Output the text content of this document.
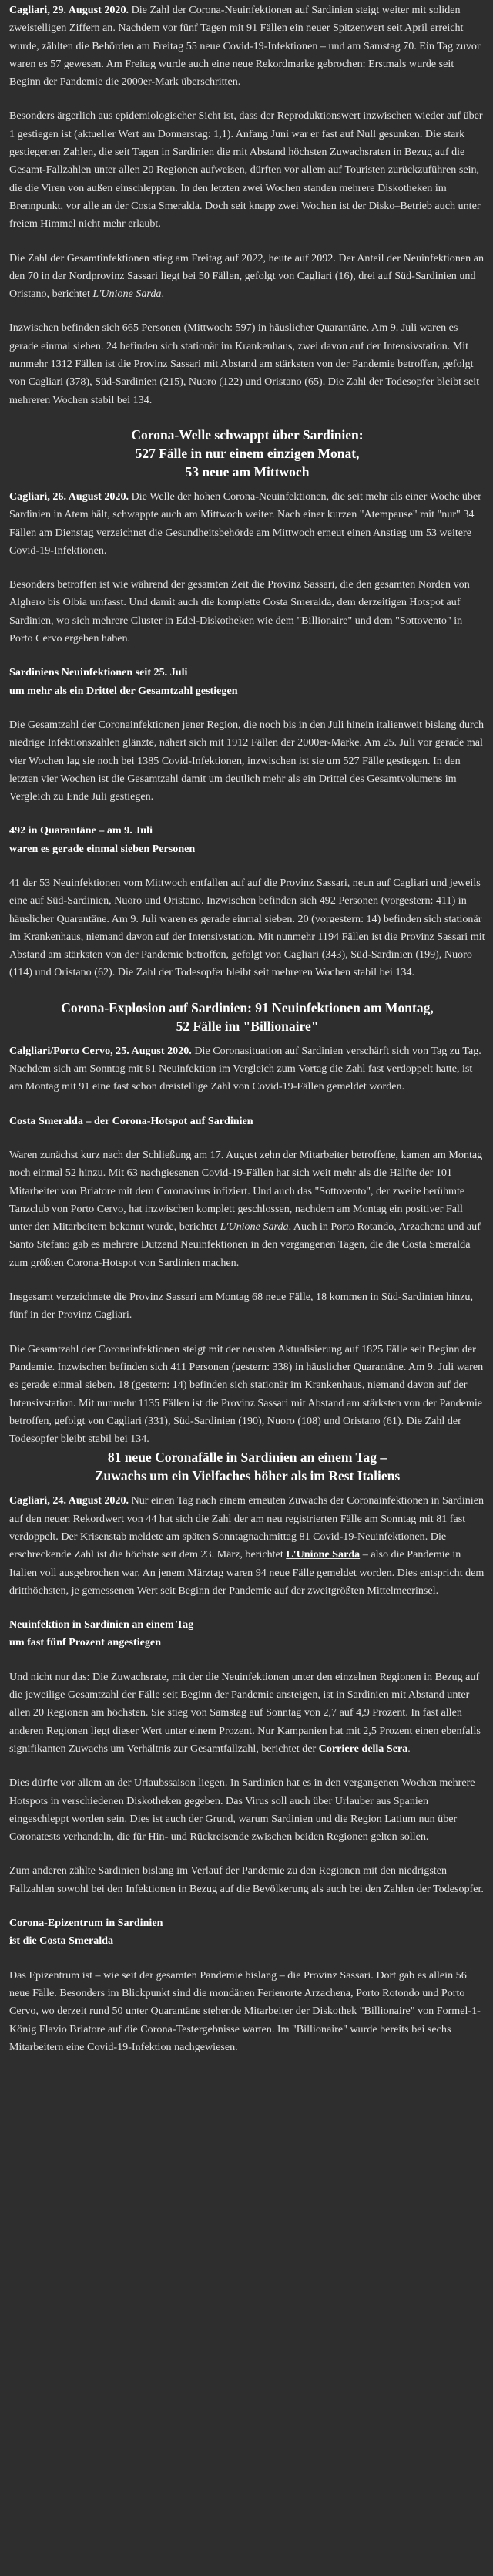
Cagliari, 29. August 2020. Die Zahl der Corona-Neuinfektionen auf Sardinien steigt weiter mit soliden zweistelligen Ziffern an. Nachdem vor fünf Tagen mit 91 Fällen ein neuer Spitzenwert seit April erreicht wurde, zählten die Behörden am Freitag 55 neue Covid-19-Infektionen – und am Samstag 70. Ein Tag zuvor waren es 57 gewesen. Am Freitag wurde auch eine neue Rekordmarke gebrochen: Erstmals wurde seit Beginn der Pandemie die 2000er-Mark überschritten.

Besonders ärgerlich aus epidemiologischer Sicht ist, dass der Reproduktionswert inzwischen wieder auf über 1 gestiegen ist (aktueller Wert am Donnerstag: 1,1). Anfang Juni war er fast auf Null gesunken. Die stark gestiegenen Zahlen, die seit Tagen in Sardinien die mit Abstand höchsten Zuwachsraten in Bezug auf die Gesamt-Fallzahlen unter allen 20 Regionen aufweisen, dürften vor allem auf Touristen zurückzuführen sein, die die Viren von außen einschleppten. In den letzten zwei Wochen standen mehrere Diskotheken im Brennpunkt, vor alle an der Costa Smeralda. Doch seit knapp zwei Wochen ist der Disko–Betrieb auch unter freiem Himmel nicht mehr erlaubt.

Die Zahl der Gesamtinfektionen stieg am Freitag auf 2022, heute auf 2092. Der Anteil der Neuinfektionen an den 70 in der Nordprovinz Sassari liegt bei 50 Fällen, gefolgt von Cagliari (16), drei auf Süd-Sardinien und Oristano, berichtet L'Unione Sarda.

Inzwischen befinden sich 665 Personen (Mittwoch: 597) in häuslicher Quarantäne. Am 9. Juli waren es gerade einmal sieben. 24 befinden sich stationär im Krankenhaus, zwei davon auf der Intensivstation. Mit nunmehr 1312 Fällen ist die Provinz Sassari mit Abstand am stärksten von der Pandemie betroffen, gefolgt von Cagliari (378), Süd-Sardinien (215), Nuoro (122) und Oristano (65). Die Zahl der Todesopfer bleibt seit mehreren Wochen stabil bei 134.

Corona-Welle schwappt über Sardinien:
527 Fälle in nur einem einzigen Monat,
53 neue am Mittwoch

Cagliari, 26. August 2020. Die Welle der hohen Corona-Neuinfektionen, die seit mehr als einer Woche über Sardinien in Atem hält, schwappte auch am Mittwoch weiter. Nach einer kurzen "Atempause" mit "nur" 34 Fällen am Dienstag verzeichnet die Gesundheitsbehörde am Mittwoch erneut einen Anstieg um 53 weitere Covid-19-Infektionen.

Besonders betroffen ist wie während der gesamten Zeit die Provinz Sassari, die den gesamten Norden von Alghero bis Olbia umfasst. Und damit auch die komplette Costa Smeralda, dem derzeitigen Hotspot auf Sardinien, wo sich mehrere Cluster in Edel-Diskotheken wie dem "Billionaire" und dem "Sottovento" in Porto Cervo ergeben haben.

Sardiniens Neuinfektionen seit 25. Juli
um mehr als ein Drittel der Gesamtzahl gestiegen

Die Gesamtzahl der Coronainfektionen jener Region, die noch bis in den Juli hinein italienweit bislang durch niedrige Infektionszahlen glänzte, nähert sich mit 1912 Fällen der 2000er-Marke. Am 25. Juli vor gerade mal vier Wochen lag sie noch bei 1385 Covid-Infektionen, inzwischen ist sie um 527 Fälle gestiegen. In den letzten vier Wochen ist die Gesamtzahl damit um deutlich mehr als ein Drittel des Gesamtvolumens im Vergleich zu Ende Juli gestiegen.

492 in Quarantäne – am 9. Juli
waren es gerade einmal sieben Personen

41 der 53 Neuinfektionen vom Mittwoch entfallen auf auf die Provinz Sassari, neun auf Cagliari und jeweils eine auf Süd-Sardinien, Nuoro und Oristano. Inzwischen befinden sich 492 Personen (vorgestern: 411) in häuslicher Quarantäne. Am 9. Juli waren es gerade einmal sieben. 20 (vorgestern: 14) befinden sich stationär im Krankenhaus, niemand davon auf der Intensivstation. Mit nunmehr 1194 Fällen ist die Provinz Sassari mit Abstand am stärksten von der Pandemie betroffen, gefolgt von Cagliari (343), Süd-Sardinien (199), Nuoro (114) und Oristano (62). Die Zahl der Todesopfer bleibt seit mehreren Wochen stabil bei 134.

Corona-Explosion auf Sardinien: 91 Neuinfektionen am Montag,
52 Fälle im "Billionaire"

Calgliari/Porto Cervo, 25. August 2020. Die Coronasituation auf Sardinien verschärft sich von Tag zu Tag. Nachdem sich am Sonntag mit 81 Neuinfektion im Vergleich zum Vortag die Zahl fast verdoppelt hatte, ist am Montag mit 91 eine fast schon dreistellige Zahl von Covid-19-Fällen gemeldet worden.

Costa Smeralda – der Corona-Hotspot auf Sardinien

Waren zunächst kurz nach der Schließung am 17. August zehn der Mitarbeiter betroffene, kamen am Montag noch einmal 52 hinzu. Mit 63 nachgiesenen Covid-19-Fällen hat sich weit mehr als die Hälfte der 101 Mitarbeiter von Briatore mit dem Coronavirus infiziert. Und auch das "Sottovento", der zweite berühmte Tanzclub von Porto Cervo, hat inzwischen komplett geschlossen, nachdem am Montag ein positiver Fall unter den Mitarbeitern bekannt wurde, berichtet L'Unione Sarda. Auch in Porto Rotando, Arzachena und auf Santo Stefano gab es mehrere Dutzend Neuinfektionen in den vergangenen Tagen, die die Costa Smeralda zum größten Corona-Hotspot von Sardinien machen.

Insgesamt verzeichnete die Provinz Sassari am Montag 68 neue Fälle, 18 kommen in Süd-Sardinien hinzu, fünf in der Provinz Cagliari.

Die Gesamtzahl der Coronainfektionen steigt mit der neusten Aktualisierung auf 1825 Fälle seit Beginn der Pandemie. Inzwischen befinden sich 411 Personen (gestern: 338) in häuslicher Quarantäne. Am 9. Juli waren es gerade einmal sieben. 18 (gestern: 14) befinden sich stationär im Krankenhaus, niemand davon auf der Intensivstation. Mit nunmehr 1135 Fällen ist die Provinz Sassari mit Abstand am stärksten von der Pandemie betroffen, gefolgt von Cagliari (331), Süd-Sardinien (190), Nuoro (108) und Oristano (61). Die Zahl der Todesopfer bleibt stabil bei 134.

81 neue Coronafälle in Sardinien an einem Tag –
Zuwachs um ein Vielfaches höher als im Rest Italiens

Cagliari, 24. August 2020. Nur einen Tag nach einem erneuten Zuwachs der Coronainfektionen in Sardinien auf den neuen Rekordwert von 44 hat sich die Zahl der am neu registrierten Fälle am Sonntag mit 81 fast verdoppelt. Der Krisenstab meldete am späten Sonntagnachmittag 81 Covid-19-Neuinfektionen. Die erschreckende Zahl ist die höchste seit dem 23. März, berichtet L'Unione Sarda – also die Pandemie in Italien voll ausgebrochen war. An jenem Märztag waren 94 neue Fälle gemeldet worden. Dies entspricht dem dritthöchsten, je gemessenen Wert seit Beginn der Pandemie auf der zweitgrößten Mittelmeerinsel.

Neuinfektion in Sardinien an einem Tag
um fast fünf Prozent angestiegen

Und nicht nur das: Die Zuwachsrate, mit der die Neuinfektionen unter den einzelnen Regionen in Bezug auf die jeweilige Gesamtzahl der Fälle seit Beginn der Pandemie ansteigen, ist in Sardinien mit Abstand unter allen 20 Regionen am höchsten. Sie stieg von Samstag auf Sonntag von 2,7 auf 4,9 Prozent. In fast allen anderen Regionen liegt dieser Wert unter einem Prozent. Nur Kampanien hat mit 2,5 Prozent einen ebenfalls signifikanten Zuwachs um Verhältnis zur Gesamtfallzahl, berichtet der Corriere della Sera.

Dies dürfte vor allem an der Urlaubssaison liegen. In Sardinien hat es in den vergangenen Wochen mehrere Hotspots in verschiedenen Diskotheken gegeben. Das Virus soll auch über Urlauber aus Spanien eingeschleppt worden sein. Dies ist auch der Grund, warum Sardinien und die Region Latium nun über Coronatests verhandeln, die für Hin- und Rückreisende zwischen beiden Regionen gelten sollen.

Zum anderen zählte Sardinien bislang im Verlauf der Pandemie zu den Regionen mit den niedrigsten Fallzahlen sowohl bei den Infektionen in Bezug auf die Bevölkerung als auch bei den Zahlen der Todesopfer.

Corona-Epizentrum in Sardinien
ist die Costa Smeralda

Das Epizentrum ist – wie seit der gesamten Pandemie bislang – die Provinz Sassari. Dort gab es allein 56 neue Fälle. Besonders im Blickpunkt sind die mondänen Ferienorte Arzachena, Porto Rotondo und Porto Cervo, wo derzeit rund 50 unter Quarantäne stehende Mitarbeiter der Diskothek "Billionaire" von Formel-1-König Flavio Briatore auf die Corona-Testergebnisse warten. Im "Billionaire" wurde bereits bei sechs Mitarbeitern eine Covid-19-Infektion nachgewiesen.
